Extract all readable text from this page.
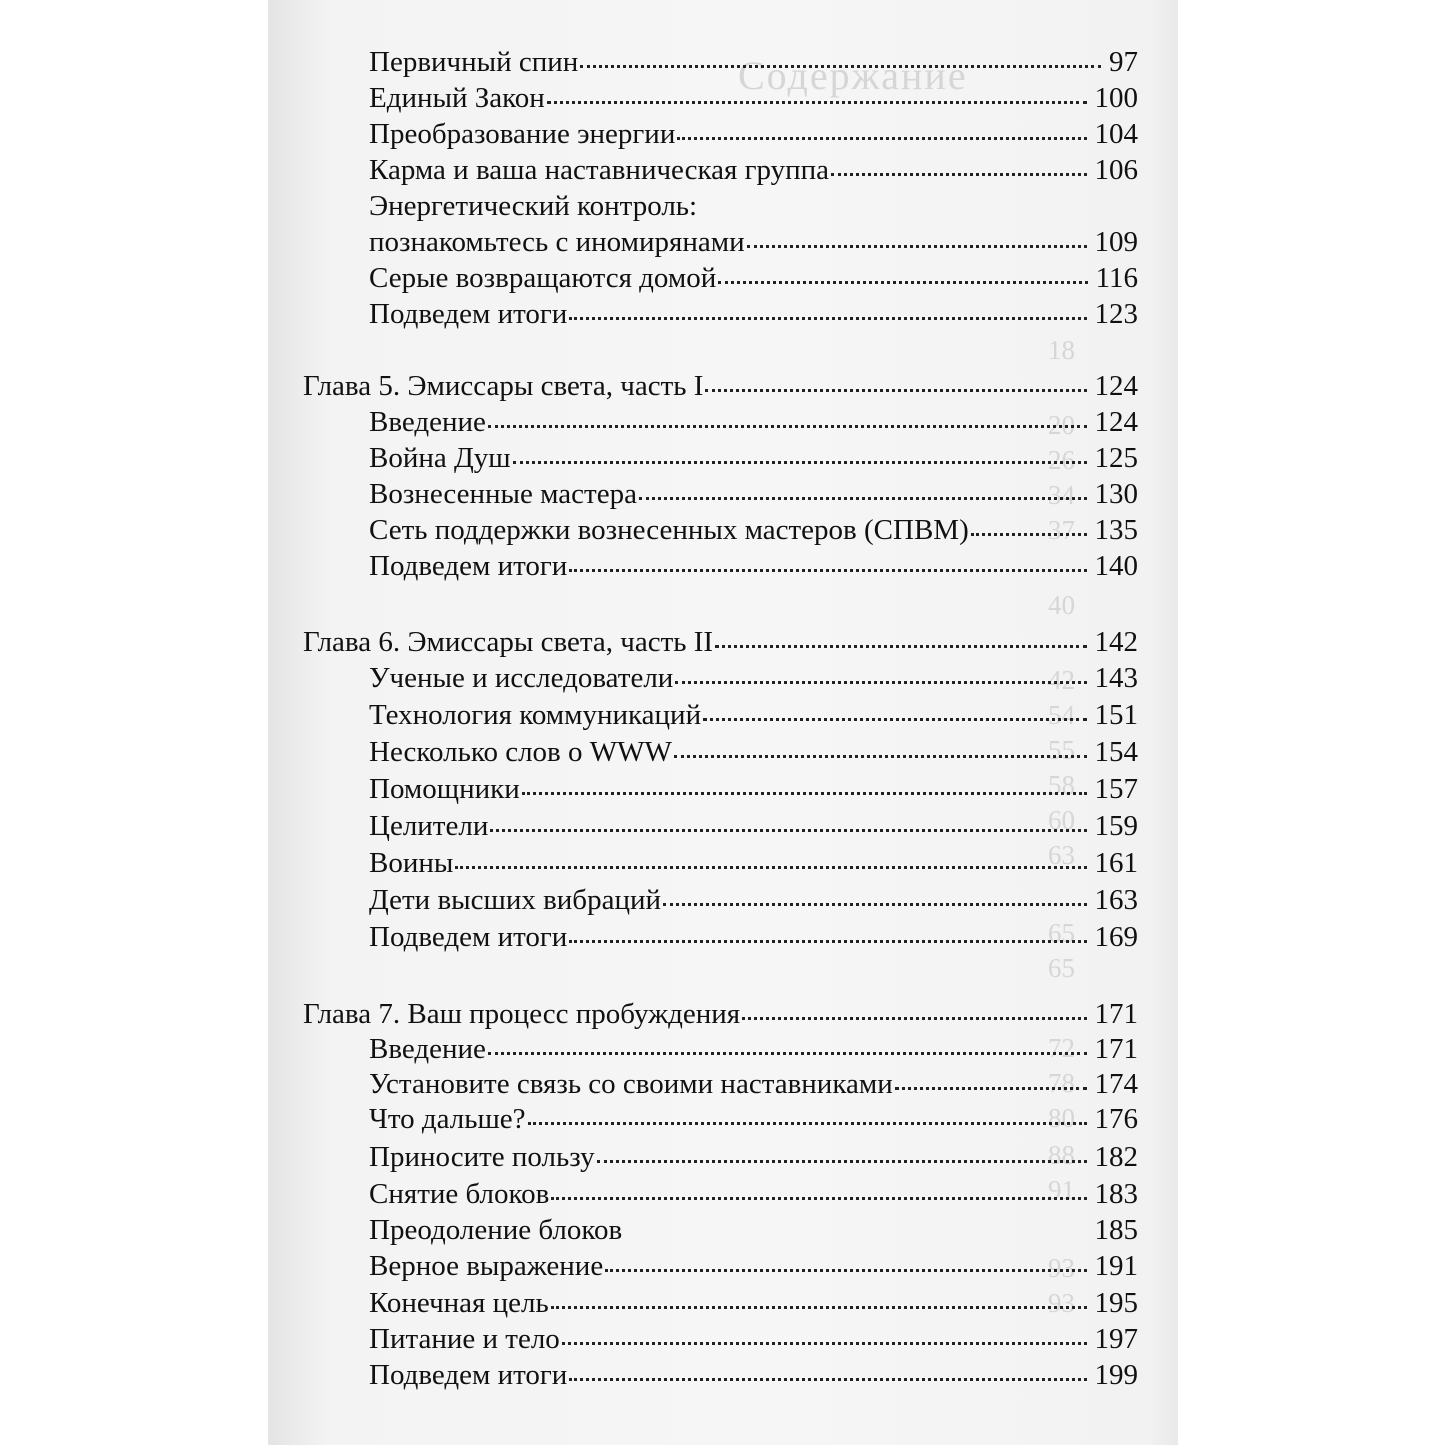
Содержание
18
20
26
34
37
40
42
54
55
58
60
63
65
65
72
78
80
88
91
93
93
Первичный спин	97
Единый Закон	100
Преобразование энергии	104
Карма и ваша наставническая группа	106
Энергетический контроль:
познакомьтесь с иномирянами	109
Серые возвращаются домой	116
Подведем итоги	123
Глава 5. Эмиссары света, часть I	124
Введение	124
Война Душ	125
Вознесенные мастера	130
Сеть поддержки вознесенных мастеров (СПВМ)	135
Подведем итоги	140
Глава 6. Эмиссары света, часть II	142
Ученые и исследователи	143
Технология коммуникаций	151
Несколько слов о WWW	154
Помощники	157
Целители	159
Воины	161
Дети высших вибраций	163
Подведем итоги	169
Глава 7. Ваш процесс пробуждения	171
Введение	171
Установите связь со своими наставниками	174
Что дальше?	176
Приносите пользу	182
Снятие блоков	183
Преодоление блоков	185
Верное выражение	191
Конечная цель	195
Питание и тело	197
Подведем итоги	199
